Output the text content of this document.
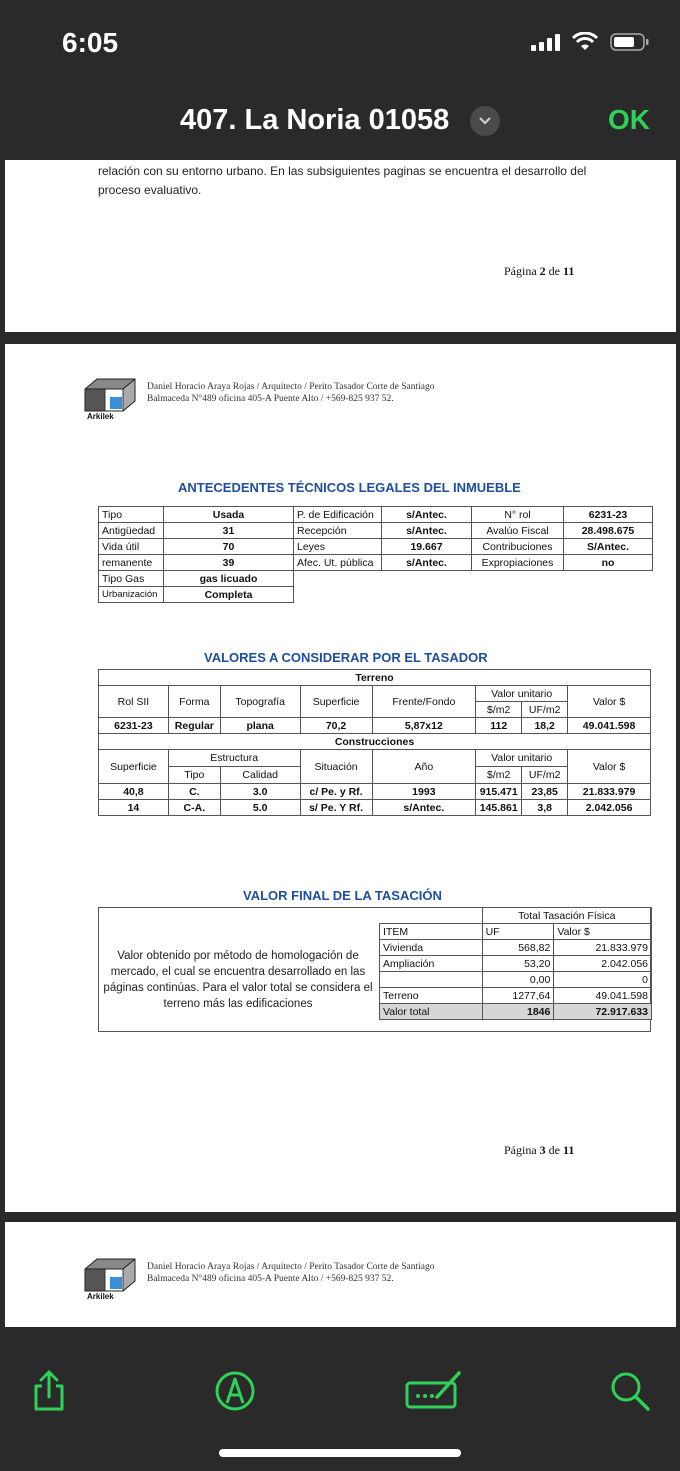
6:05
407. La Noria 01058	OK
relación con su entorno urbano. En las subsiguientes paginas se encuentra el desarrollo del proceso evaluativo.
Página 2 de 11
Arkilek
Daniel Horacio Araya Rojas / Arquitecto / Perito Tasador Corte de Santiago
Balmaceda N°489 oficina 405-A Puente Alto / +569-825 937 52.
ANTECEDENTES TÉCNICOS LEGALES DEL INMUEBLE
Tipo	Usada	P. de Edificación	s/Antec.	N° rol	6231-23
Antigüedad	31	Recepción	s/Antec.	Avalúo Fiscal	28.498.675
Vida útil	70	Leyes	19.667	Contribuciones	S/Antec.
remanente	39	Afec. Ut. pública	s/Antec.	Expropiaciones	no
Tipo Gas	gas licuado				
Urbanización	Completa				
VALORES A CONSIDERAR POR EL TASADOR
Terreno							
Rol SII	Forma	Topografía	Superficie	Frente/Fondo	Valor unitario		Valor $
					$/m2	UF/m2	
6231-23	Regular	plana	70,2	5,87x12	112	18,2	49.041.598
Construcciones							
Superficie	Estructura		Situación	Año	Valor unitario		Valor $
	Tipo	Calidad			$/m2	UF/m2	
40,8	C.	3.0	c/ Pe. y Rf.	1993	915.471	23,85	21.833.979
14	C-A.	5.0	s/ Pe. Y Rf.	s/Antec.	145.861	3,8	2.042.056
VALOR FINAL DE LA TASACIÓN
Valor obtenido por método de homologación de mercado, el cual se encuentra desarrollado en las páginas continúas. Para el valor total se considera el terreno más las edificaciones
	Total Tasación Física	
ITEM	UF	Valor $
Vivienda	568,82	21.833.979
Ampliación	53,20	2.042.056
	0,00	0
Terreno	1277,64	49.041.598
Valor total	1846	72.917.633
Página 3 de 11
Arkilek
Daniel Horacio Araya Rojas / Arquitecto / Perito Tasador Corte de Santiago
Balmaceda N°489 oficina 405-A Puente Alto / +569-825 937 52.
